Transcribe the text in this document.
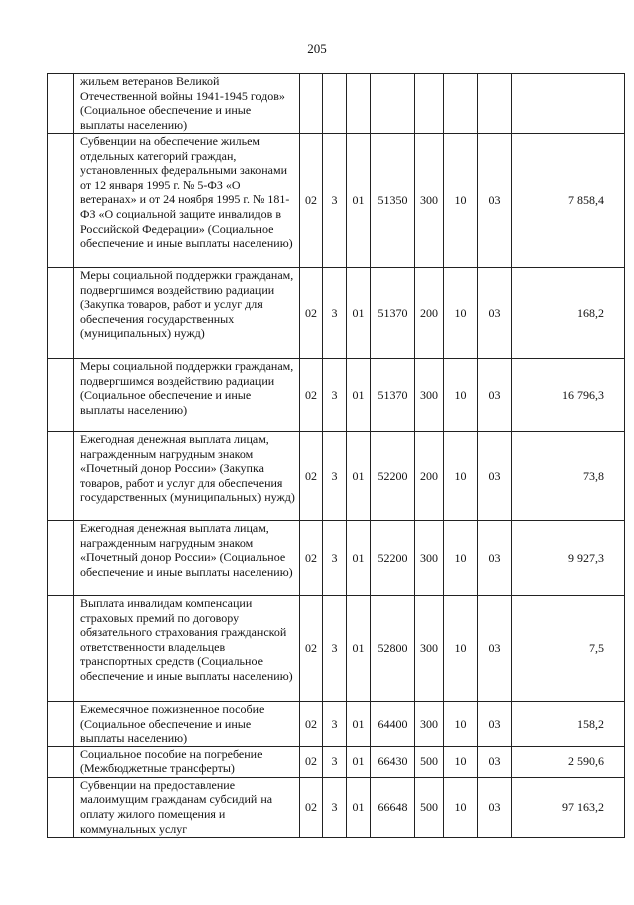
205
	жильем ветеранов Великой Отечественной войны 1941-1945 годов» (Социальное обеспечение и иные выплаты населению)								
	Субвенции на обеспечение жильем отдельных категорий граждан, установленных федеральными законами от 12 января 1995 г. № 5-ФЗ «О ветеранах» и от 24 ноября 1995 г. № 181-ФЗ «О социальной защите инвалидов в Российской Федерации» (Социальное обеспечение и иные выплаты населению)	02	3	01	51350	300	10	03	7 858,4
	Меры социальной поддержки гражданам, подвергшимся воздействию радиации (Закупка товаров, работ и услуг для обеспечения государственных (муниципальных) нужд)	02	3	01	51370	200	10	03	168,2
	Меры социальной поддержки гражданам, подвергшимся воздействию радиации (Социальное обеспечение и иные выплаты населению)	02	3	01	51370	300	10	03	16 796,3
	Ежегодная денежная выплата лицам, награжденным нагрудным знаком «Почетный донор России» (Закупка товаров, работ и услуг для обеспечения государственных (муниципальных) нужд)	02	3	01	52200	200	10	03	73,8
	Ежегодная денежная выплата лицам, награжденным нагрудным знаком «Почетный донор России» (Социальное обеспечение и иные выплаты населению)	02	3	01	52200	300	10	03	9 927,3
	Выплата инвалидам компенсации страховых премий по договору обязательного страхования гражданской ответственности владельцев транспортных средств (Социальное обеспечение и иные выплаты населению)	02	3	01	52800	300	10	03	7,5
	Ежемесячное пожизненное пособие (Социальное обеспечение и иные выплаты населению)	02	3	01	64400	300	10	03	158,2
	Социальное пособие на погребение (Межбюджетные трансферты)	02	3	01	66430	500	10	03	2 590,6
	Субвенции на предоставление малоимущим гражданам субсидий на оплату жилого помещения и коммунальных услуг	02	3	01	66648	500	10	03	97 163,2
